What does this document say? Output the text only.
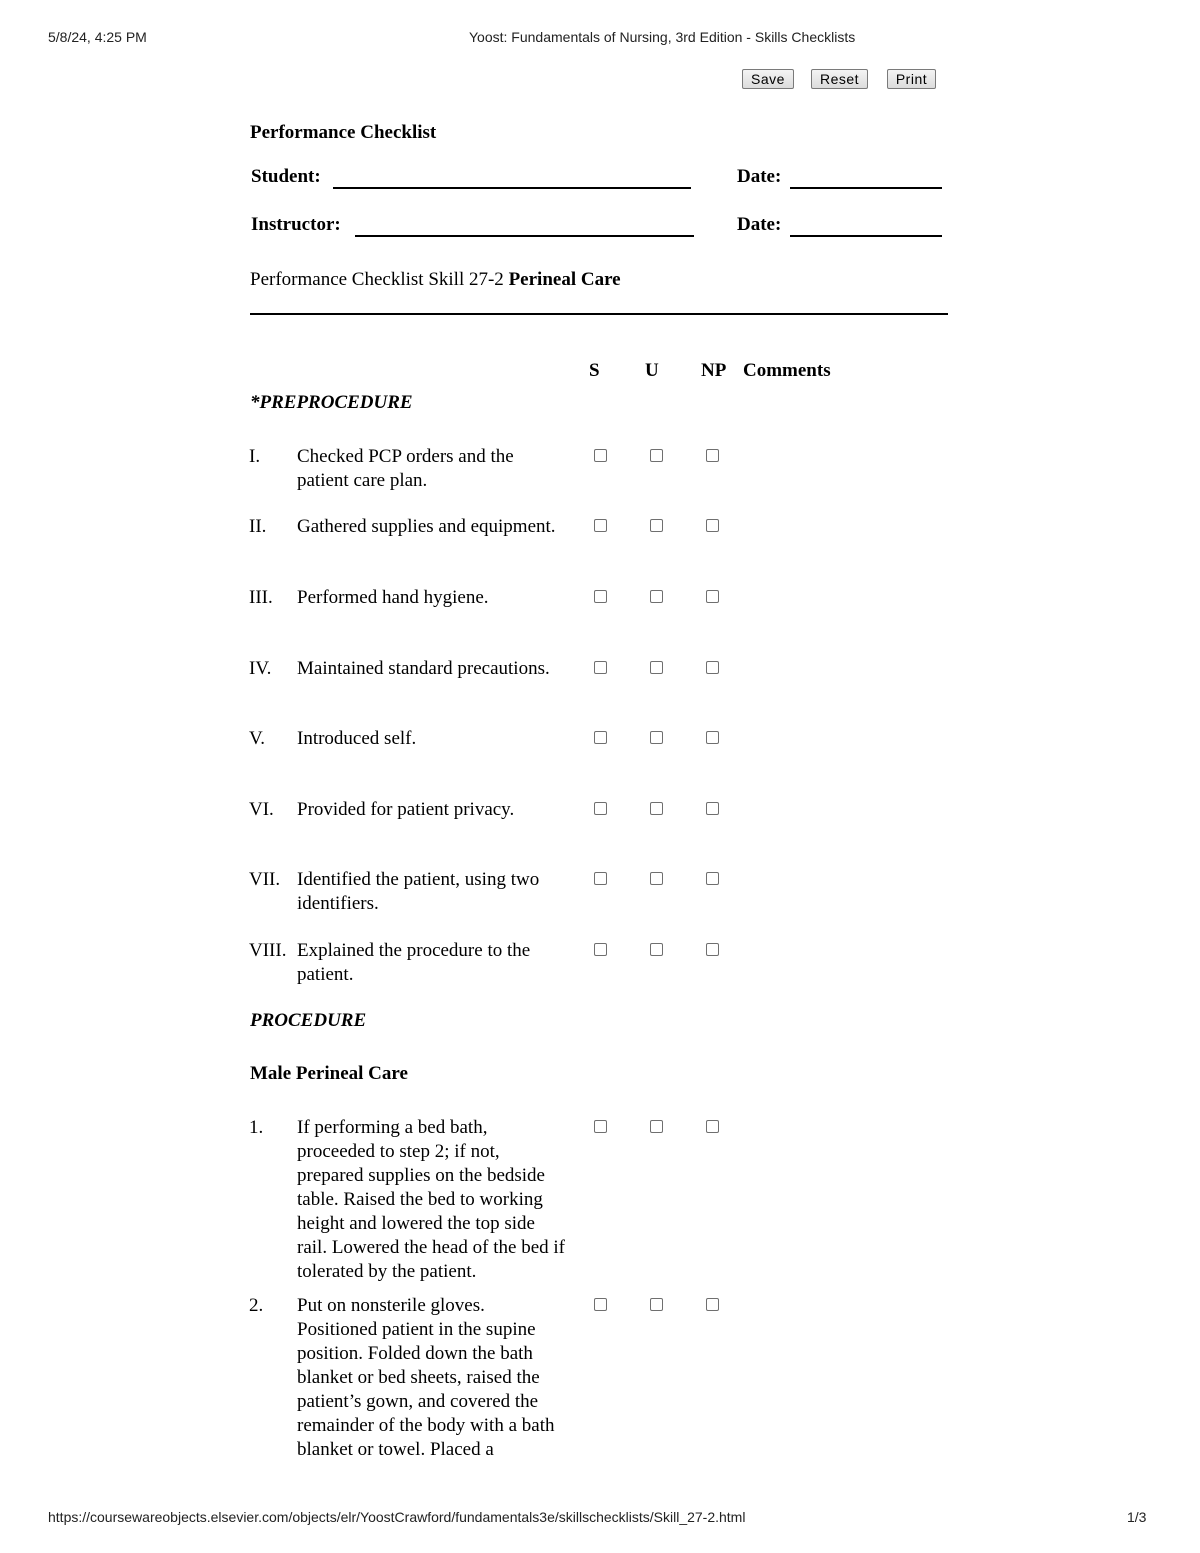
5/8/24, 4:25 PM	Yoost: Fundamentals of Nursing, 3rd Edition - Skills Checklists
Save	Reset	Print
Performance Checklist
Student:	Date:
Instructor:	Date:
Performance Checklist Skill 27-2 Perineal Care
S U NP Comments
*PREPROCEDURE
I. Checked PCP orders and the patient care plan.
II. Gathered supplies and equipment.
III. Performed hand hygiene.
IV. Maintained standard precautions.
V. Introduced self.
VI. Provided for patient privacy.
VII. Identified the patient, using two identifiers.
VIII. Explained the procedure to the patient.
PROCEDURE
Male Perineal Care
1. If performing a bed bath, proceeded to step 2; if not, prepared supplies on the bedside table. Raised the bed to working height and lowered the top side rail. Lowered the head of the bed if tolerated by the patient.
2. Put on nonsterile gloves. Positioned patient in the supine position. Folded down the bath blanket or bed sheets, raised the patient’s gown, and covered the remainder of the body with a bath blanket or towel. Placed a
https://coursewareobjects.elsevier.com/objects/elr/YoostCrawford/fundamentals3e/skillschecklists/Skill_27-2.html	1/3
